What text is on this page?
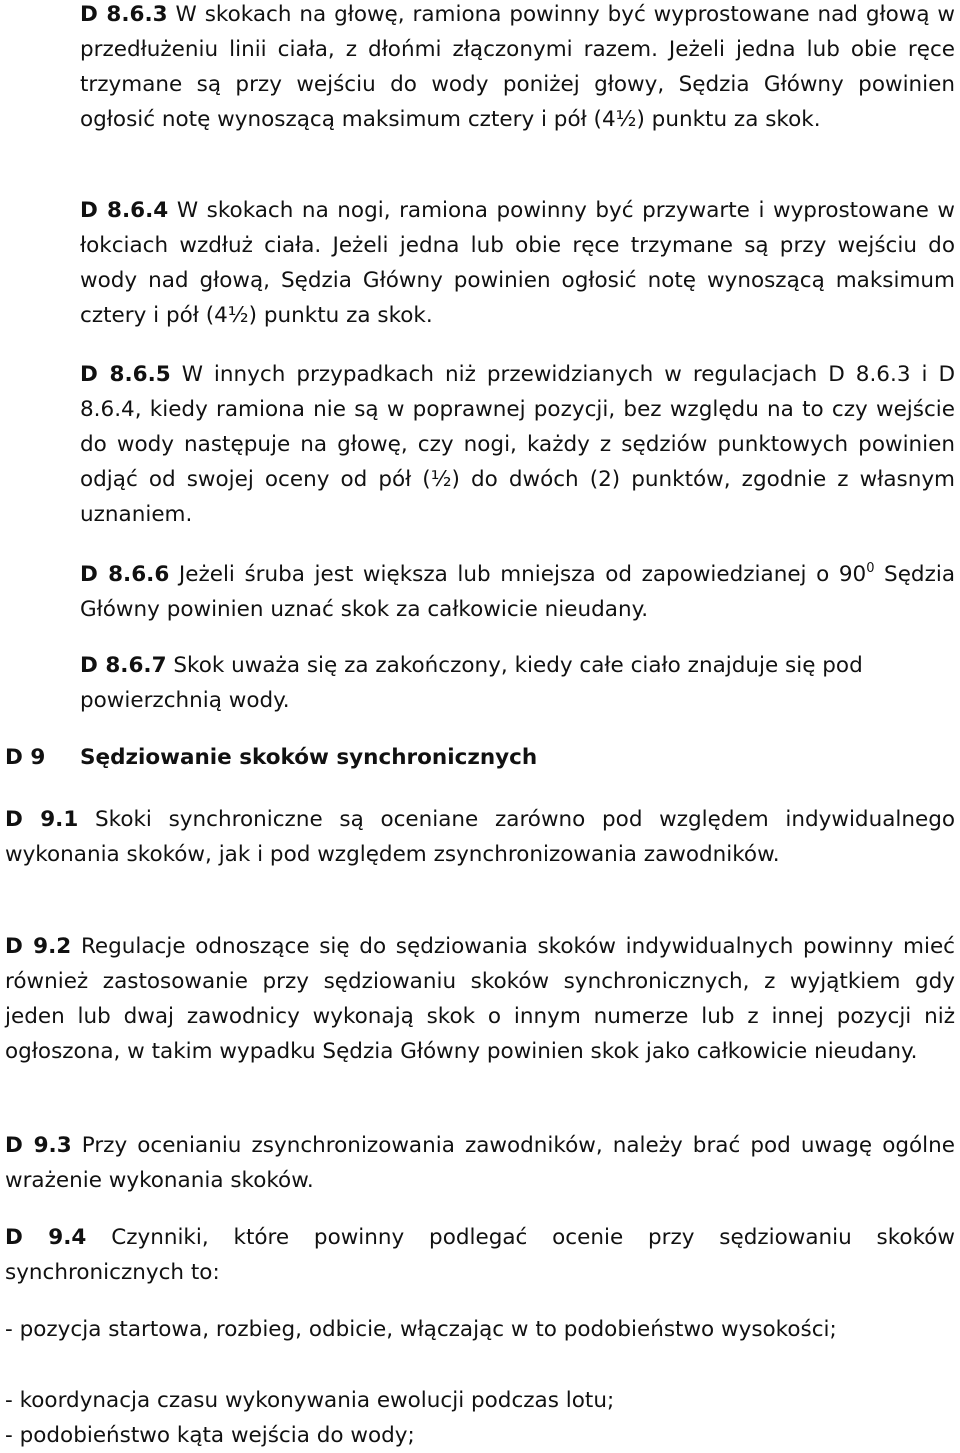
D 8.6.3 W skokach na głowę, ramiona powinny być wyprostowane nad głową w przedłużeniu linii ciała, z dłońmi złączonymi razem. Jeżeli jedna lub obie ręce trzymane są przy wejściu do wody poniżej głowy, Sędzia Główny powinien ogłosić notę wynoszącą maksimum cztery i pół (4½) punktu za skok.

D 8.6.4 W skokach na nogi, ramiona powinny być przywarte i wyprostowane w łokciach wzdłuż ciała. Jeżeli jedna lub obie ręce trzymane są przy wejściu do wody nad głową, Sędzia Główny powinien ogłosić notę wynoszącą maksimum cztery i pół (4½) punktu za skok.

D 8.6.5 W innych przypadkach niż przewidzianych w regulacjach D 8.6.3 i D 8.6.4, kiedy ramiona nie są w poprawnej pozycji, bez względu na to czy wejście do wody następuje na głowę, czy nogi, każdy z sędziów punktowych powinien odjąć od swojej oceny od pół (½) do dwóch (2) punktów, zgodnie z własnym uznaniem.

D 8.6.6 Jeżeli śruba jest większa lub mniejsza od zapowiedzianej o $90^0$ Sędzia Główny powinien uznać skok za całkowicie nieudany.

D 8.6.7 Skok uważa się za zakończony, kiedy całe ciało znajduje się pod powierzchnią wody.

D 9 Sędziowanie skoków synchronicznych

D 9.1 Skoki synchroniczne są oceniane zarówno pod względem indywidualnego wykonania skoków, jak i pod względem zsynchronizowania zawodników.

D 9.2 Regulacje odnoszące się do sędziowania skoków indywidualnych powinny mieć również zastosowanie przy sędziowaniu skoków synchronicznych, z wyjątkiem gdy jeden lub dwaj zawodnicy wykonają skok o innym numerze lub z innej pozycji niż ogłoszona, w takim wypadku Sędzia Główny powinien skok jako całkowicie nieudany.

D 9.3 Przy ocenianiu zsynchronizowania zawodników, należy brać pod uwagę ogólne wrażenie wykonania skoków.

D 9.4 Czynniki, które powinny podlegać ocenie przy sędziowaniu skoków synchronicznych to:

- pozycja startowa, rozbieg, odbicie, włączając w to podobieństwo wysokości;

- koordynacja czasu wykonywania ewolucji podczas lotu;

- podobieństwo kąta wejścia do wody;
